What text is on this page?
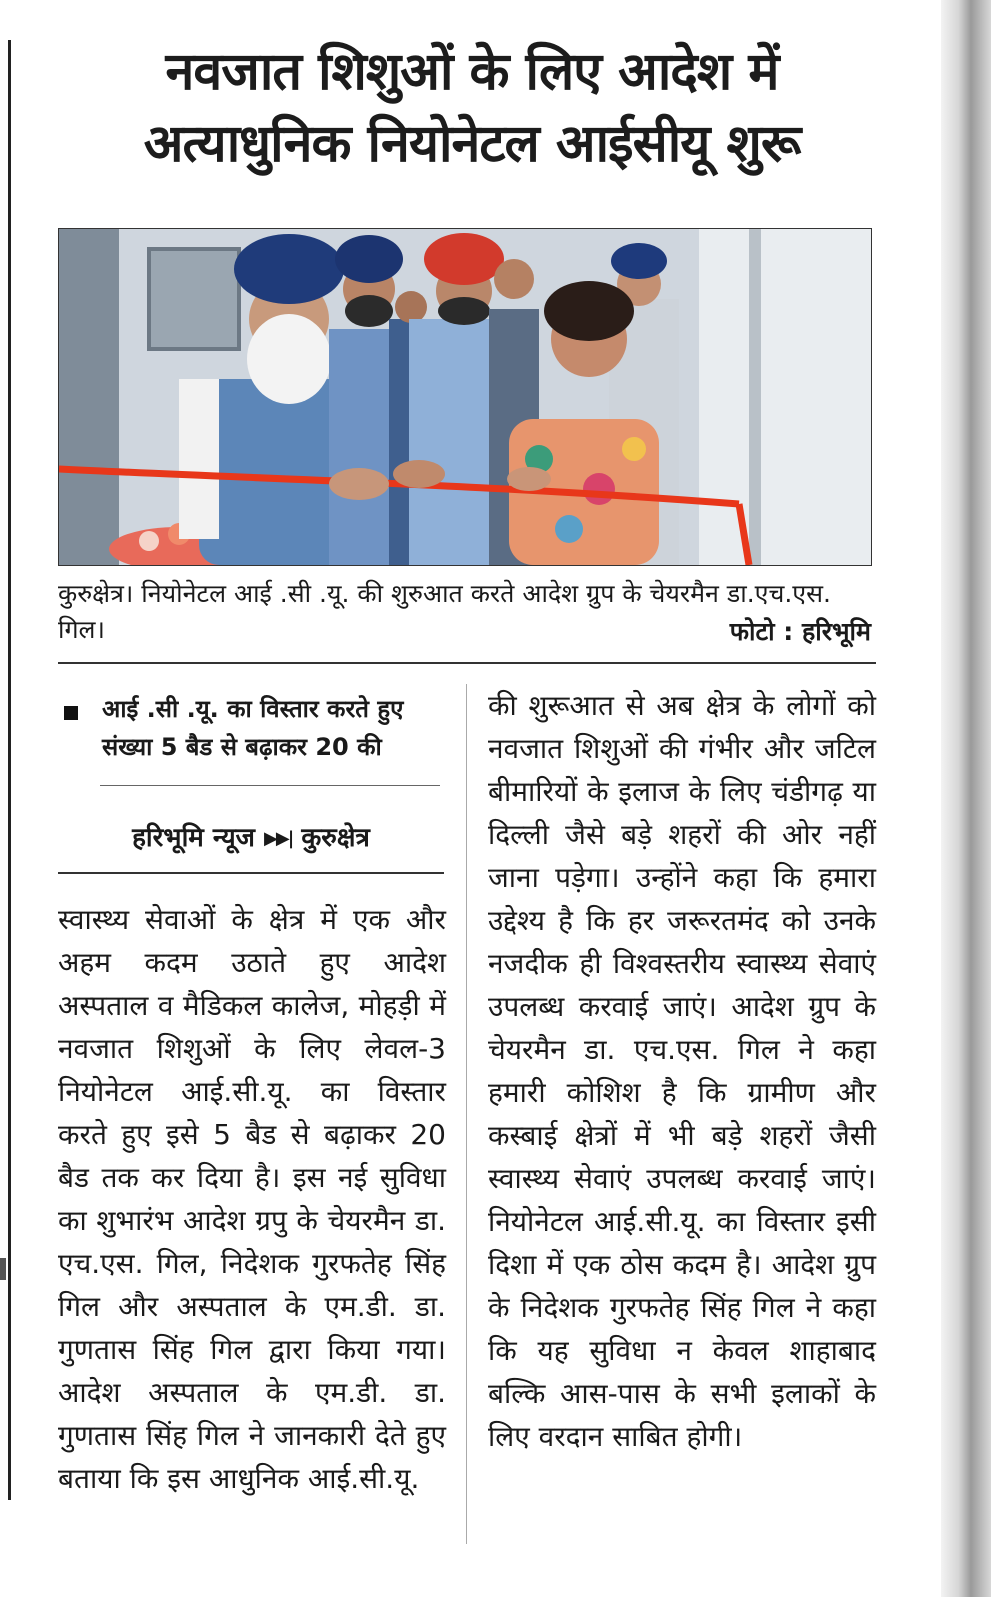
नवजात शिशुओं के लिए आदेश में
अत्याधुनिक नियोनेटल आईसीयू शुरू
कुरुक्षेत्र। नियोनेटल आई .सी .यू. की शुरुआत करते आदेश ग्रुप के चेयरमैन डा.एच.एस. गिल।	फोटो : हरिभूमि
आई .सी .यू. का विस्तार करते हुए संख्या 5 बैड से बढ़ाकर 20 की
हरिभूमि न्यूज ▶▶| कुरुक्षेत्र
स्वास्थ्य सेवाओं के क्षेत्र में एक और अहम कदम उठाते हुए आदेश अस्पताल व मैडिकल कालेज, मोहड़ी में नवजात शिशुओं के लिए लेवल-3 नियोनेटल आई.सी.यू. का विस्तार करते हुए इसे 5 बैड से बढ़ाकर 20 बैड तक कर दिया है। इस नई सुविधा का शुभारंभ आदेश ग्रपु के चेयरमैन डा. एच.एस. गिल, निदेशक गुरफतेह सिंह गिल और अस्पताल के एम.डी. डा. गुणतास सिंह गिल द्वारा किया गया। आदेश अस्पताल के एम.डी. डा. गुणतास सिंह गिल ने जानकारी देते हुए बताया कि इस आधुनिक आई.सी.यू.
की शुरूआत से अब क्षेत्र के लोगों को नवजात शिशुओं की गंभीर और जटिल बीमारियों के इलाज के लिए चंडीगढ़ या दिल्ली जैसे बड़े शहरों की ओर नहीं जाना पड़ेगा। उन्होंने कहा कि हमारा उद्देश्य है कि हर जरूरतमंद को उनके नजदीक ही विश्वस्तरीय स्वास्थ्य सेवाएं उपलब्ध करवाई जाएं। आदेश ग्रुप के चेयरमैन डा. एच.एस. गिल ने कहा हमारी कोशिश है कि ग्रामीण और कस्बाई क्षेत्रों में भी बड़े शहरों जैसी स्वास्थ्य सेवाएं उपलब्ध करवाई जाएं। नियोनेटल आई.सी.यू. का विस्तार इसी दिशा में एक ठोस कदम है। आदेश ग्रुप के निदेशक गुरफतेह सिंह गिल ने कहा कि यह सुविधा न केवल शाहाबाद बल्कि आस-पास के सभी इलाकों के लिए वरदान साबित होगी।
